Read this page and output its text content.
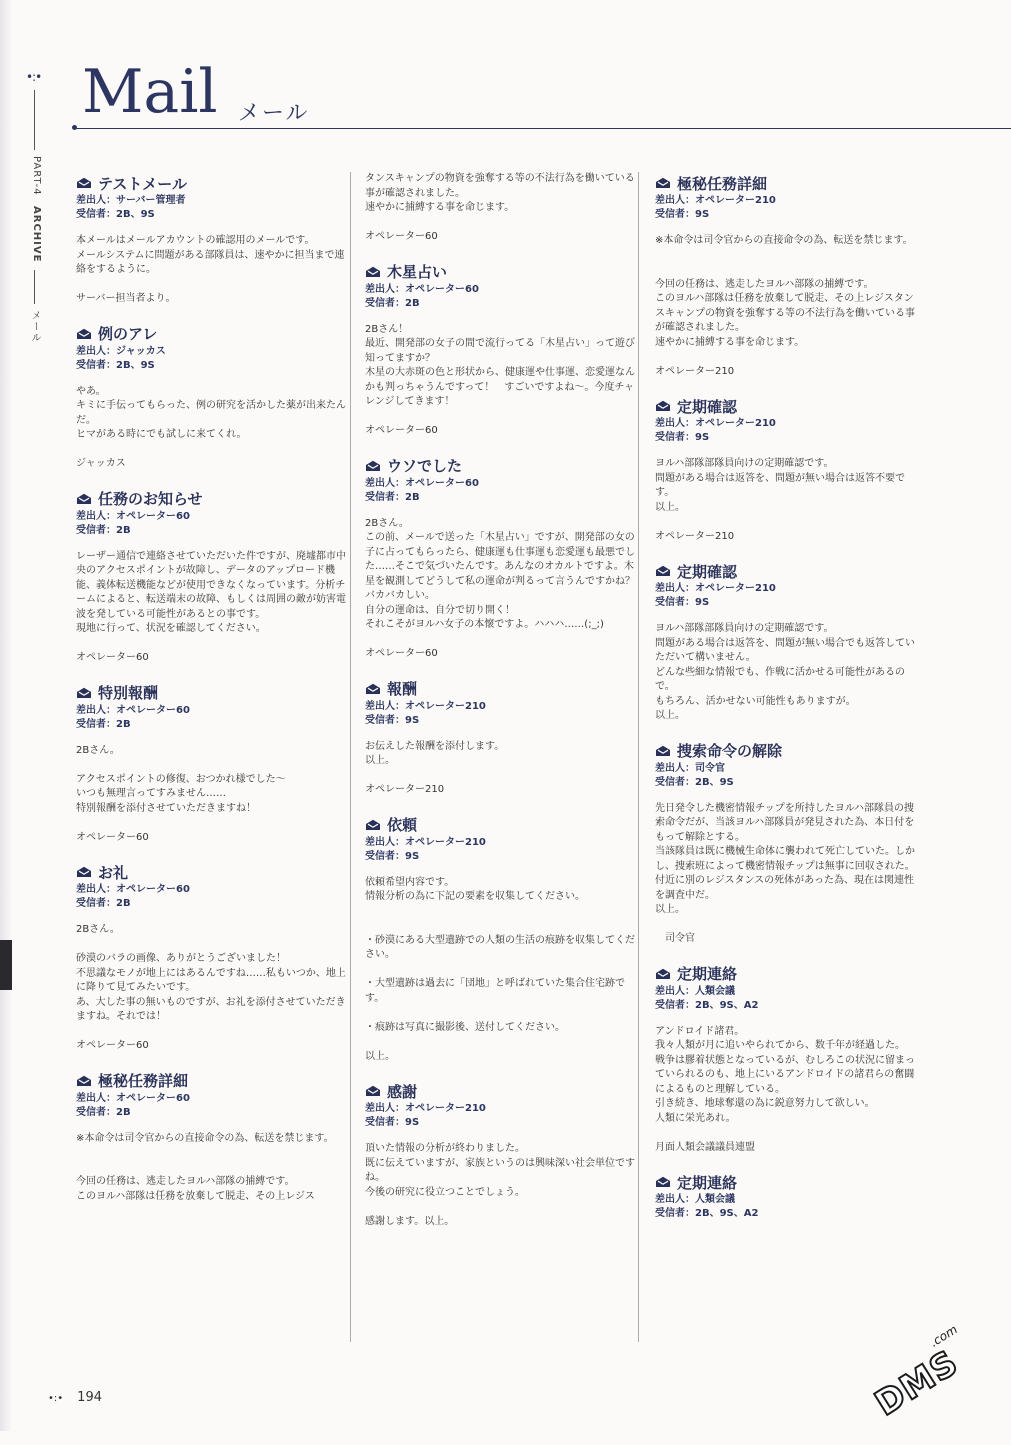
•:• Mail メール
PART-4
ARCHIVE
メール
テストメール
差出人：サーバー管理者
受信者：2B、9S
本メールはメールアカウントの確認用のメールです。
メールシステムに問題がある部隊員は、速やかに担当まで連絡をするように。

サーバー担当者より。
例のアレ
差出人：ジャッカス
受信者：2B、9S
やあ。
キミに手伝ってもらった、例の研究を活かした薬が出来たんだ。
ヒマがある時にでも試しに来てくれ。

ジャッカス
任務のお知らせ
差出人：オペレーター60
受信者：2B
レーザー通信で連絡させていただいた件ですが、廃墟都市中央のアクセスポイントが故障し、データのアップロード機能、義体転送機能などが使用できなくなっています。分析チームによると、転送端末の故障、もしくは周囲の敵が妨害電波を発している可能性があるとの事です。
現地に行って、状況を確認してください。

オペレーター60
特別報酬
差出人：オペレーター60
受信者：2B
2Bさん。

アクセスポイントの修復、おつかれ様でした～
いつも無理言ってすみません……
特別報酬を添付させていただきますね！

オペレーター60
お礼
差出人：オペレーター60
受信者：2B
2Bさん。

砂漠のバラの画像、ありがとうございました！
不思議なモノが地上にはあるんですね……私もいつか、地上に降りて見てみたいです。
あ、大した事の無いものですが、お礼を添付させていただきますね。それでは！

オペレーター60
極秘任務詳細
差出人：オペレーター60
受信者：2B
※本命令は司令官からの直接命令の為、転送を禁じます。

今回の任務は、逃走したヨルハ部隊の捕縛です。
このヨルハ部隊は任務を放棄して脱走、その上レジス
タンスキャンプの物資を強奪する等の不法行為を働いている事が確認されました。
速やかに捕縛する事を命じます。

オペレーター60
木星占い
差出人：オペレーター60
受信者：2B
2Bさん！
最近、開発部の女子の間で流行ってる「木星占い」って遊び知ってますか？
木星の大赤斑の色と形状から、健康運や仕事運、恋愛運なんかも判っちゃうんですって！　すごいですよね～。今度チャレンジしてきます！

オペレーター60
ウソでした
差出人：オペレーター60
受信者：2B
2Bさん。
この前、メールで送った「木星占い」ですが、開発部の女の子に占ってもらったら、健康運も仕事運も恋愛運も最悪でした……そこで気づいたんです。あんなのオカルトですよ。木星を観測してどうして私の運命が判るって言うんですかね？　バカバカしい。
自分の運命は、自分で切り開く！
それこそがヨルハ女子の本懐ですよ。ハハハ……(;_;)

オペレーター60
報酬
差出人：オペレーター210
受信者：9S
お伝えした報酬を添付します。
以上。

オペレーター210
依頼
差出人：オペレーター210
受信者：9S
依頼希望内容です。
情報分析の為に下記の要素を収集してください。

・砂漠にある大型遺跡での人類の生活の痕跡を収集してください。

・大型遺跡は過去に「団地」と呼ばれていた集合住宅跡です。

・痕跡は写真に撮影後、送付してください。

以上。
感謝
差出人：オペレーター210
受信者：9S
頂いた情報の分析が終わりました。
既に伝えていますが、家族というのは興味深い社会単位ですね。
今後の研究に役立つことでしょう。

感謝します。以上。
極秘任務詳細
差出人：オペレーター210
受信者：9S
※本命令は司令官からの直接命令の為、転送を禁じます。

今回の任務は、逃走したヨルハ部隊の捕縛です。
このヨルハ部隊は任務を放棄して脱走、その上レジスタンスキャンプの物資を強奪する等の不法行為を働いている事が確認されました。
速やかに捕縛する事を命じます。

オペレーター210
定期確認
差出人：オペレーター210
受信者：9S
ヨルハ部隊部隊員向けの定期確認です。
問題がある場合は返答を、問題が無い場合は返答不要です。
以上。

オペレーター210
定期確認
差出人：オペレーター210
受信者：9S
ヨルハ部隊部隊員向けの定期確認です。
問題がある場合は返答を、問題が無い場合でも返答していただいて構いません。
どんな些細な情報でも、作戦に活かせる可能性があるので。
もちろん、活かせない可能性もありますが。
以上。
捜索命令の解除
差出人：司令官
受信者：2B、9S
先日発令した機密情報チップを所持したヨルハ部隊員の捜索命令だが、当該ヨルハ部隊員が発見された為、本日付をもって解除とする。
当該隊員は既に機械生命体に襲われて死亡していた。しかし、捜索班によって機密情報チップは無事に回収された。付近に別のレジスタンスの死体があった為、現在は関連性を調査中だ。
以上。

　司令官
定期連絡
差出人：人類会議
受信者：2B、9S、A2
アンドロイド諸君。
我々人類が月に追いやられてから、数千年が経過した。
戦争は膠着状態となっているが、むしろこの状況に留まっていられるのも、地上にいるアンドロイドの諸君らの奮闘によるものと理解している。
引き続き、地球奪還の為に鋭意努力して欲しい。
人類に栄光あれ。

月面人類会議議員連盟
定期連絡
差出人：人類会議
受信者：2B、9S、A2
•:• 194	DMS
.com
